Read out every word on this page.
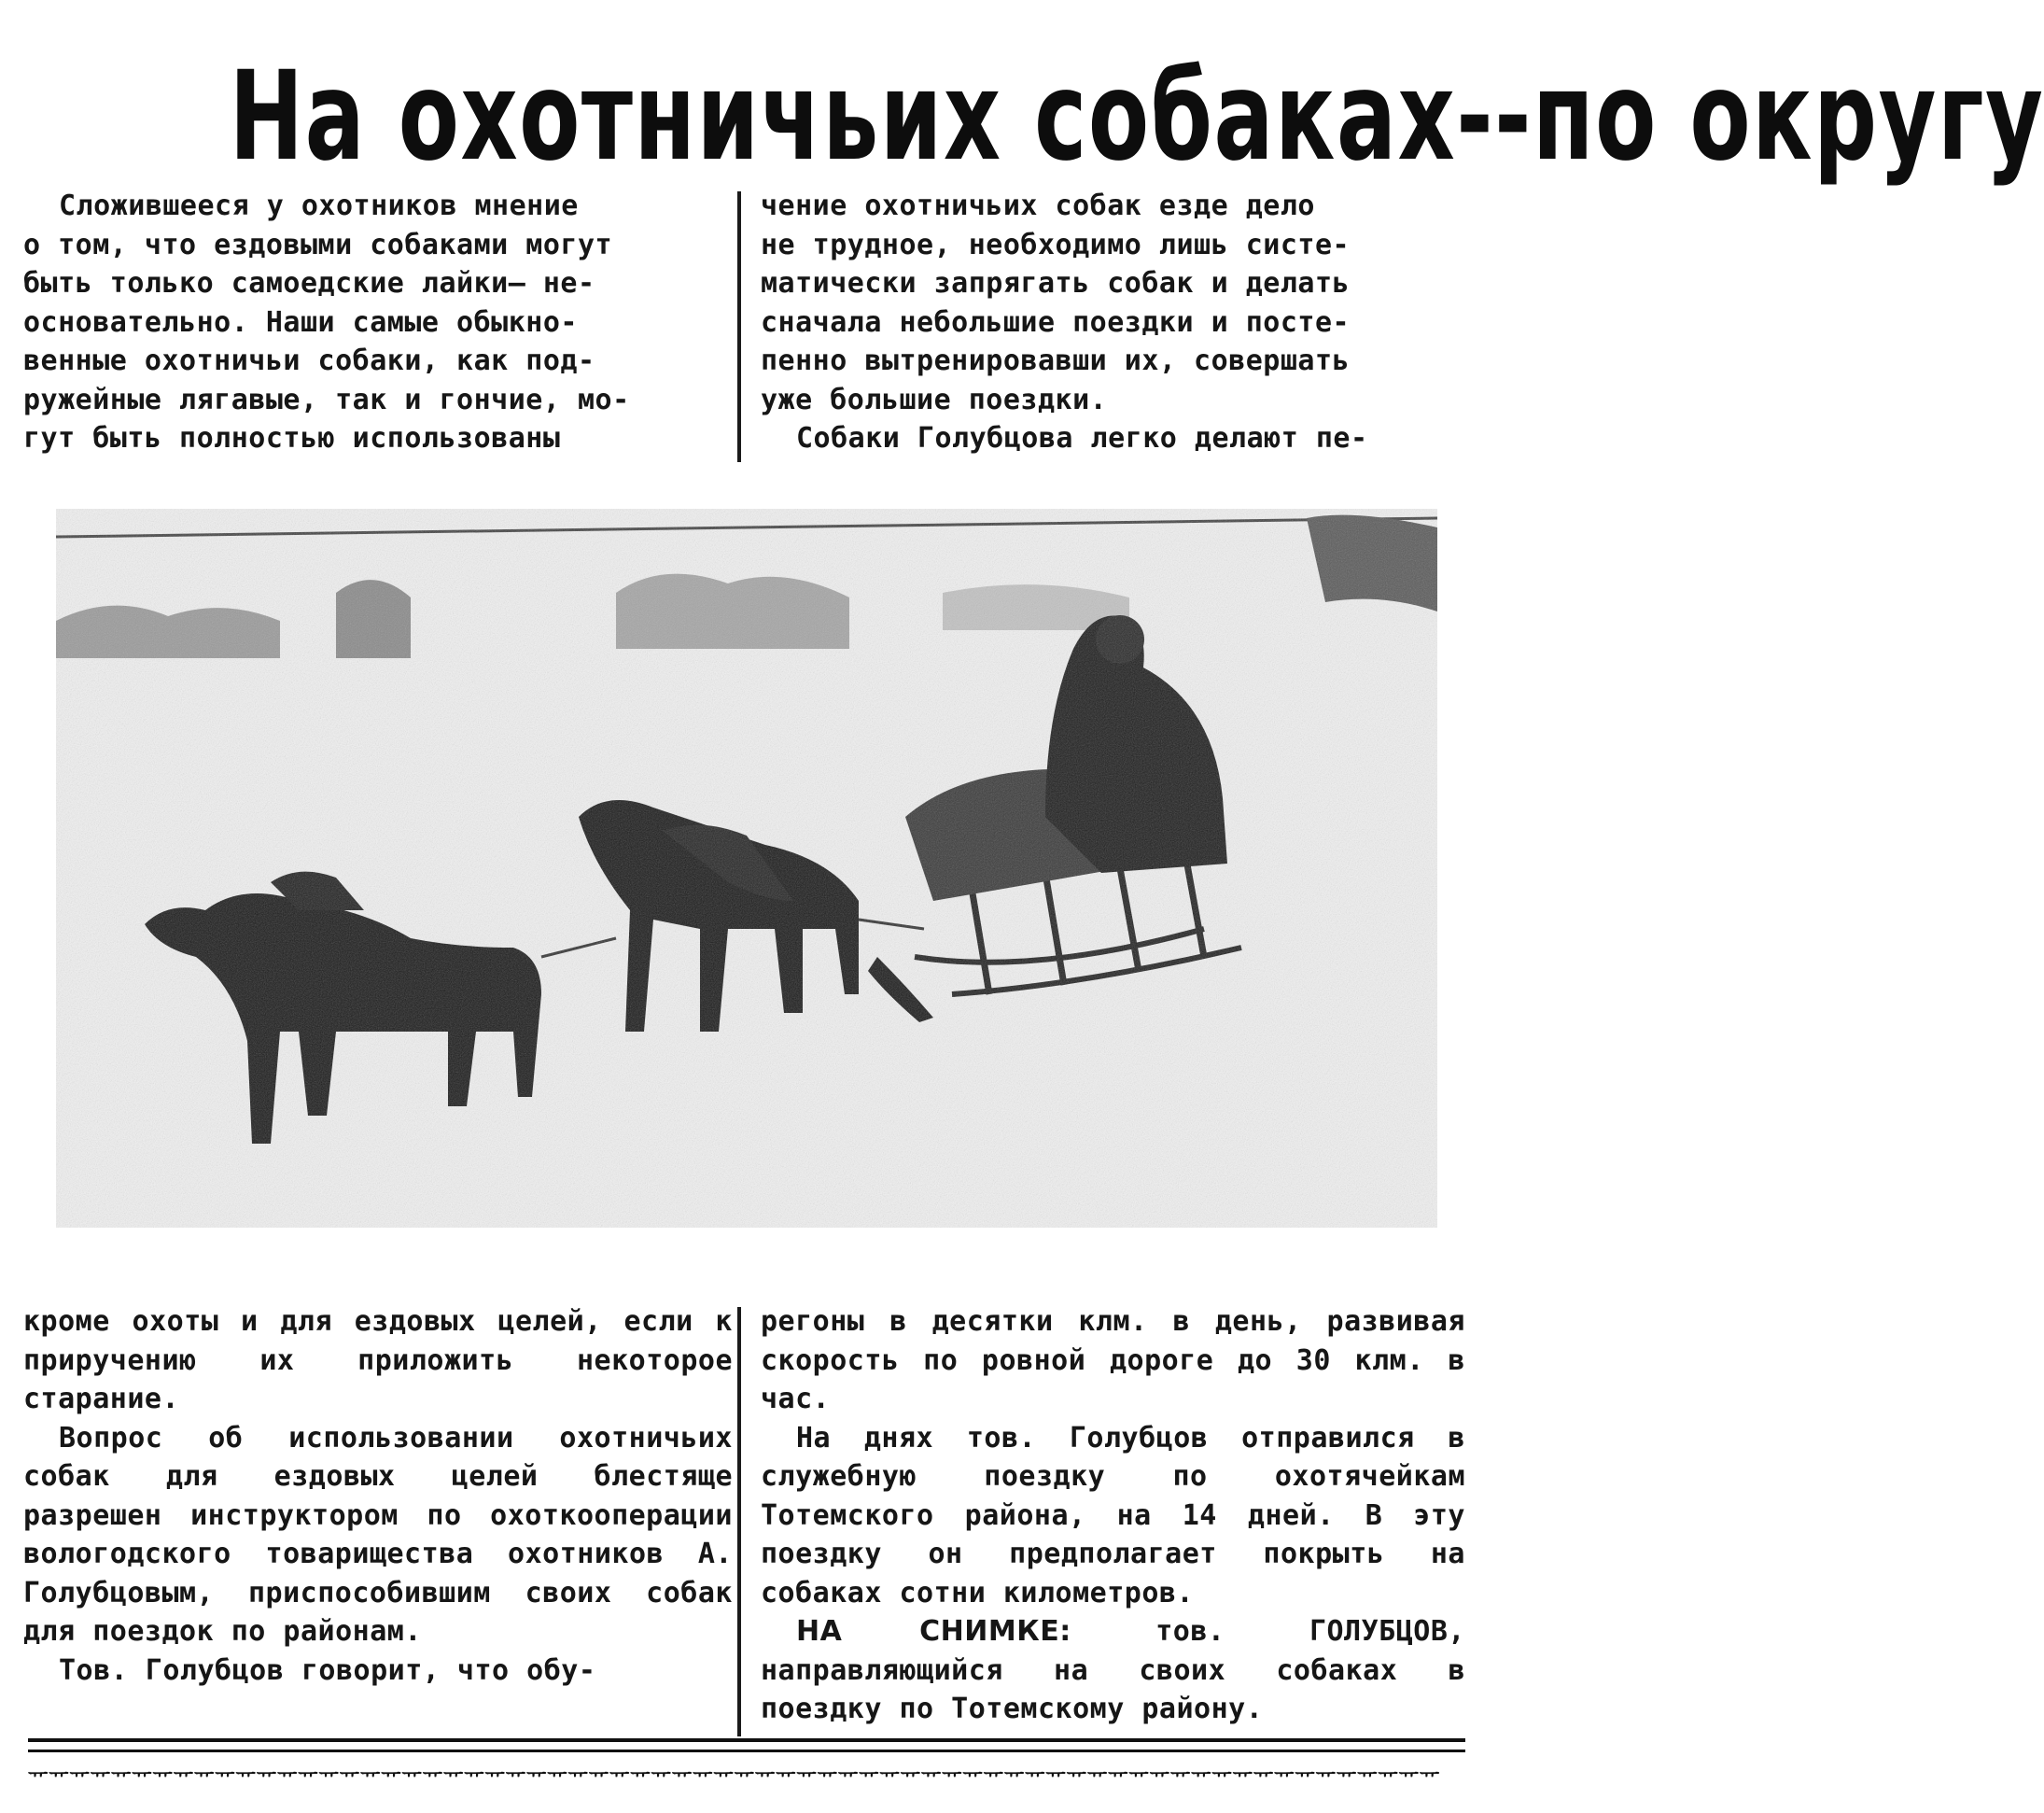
На охотничьих собаках--по округу

Сложившееся у охотников мнение

о том, что ездовыми собаками могут

быть только самоедские лайки— не-

основательно. Наши самые обыкно-

венные охотничьи собаки, как под-

ружейные лягавые, так и гончие, мо-

гут быть полностью использованы

чение охотничьих собак езде дело

не трудное, необходимо лишь систе-

матически запрягать собак и делать

сначала небольшие поездки и посте-

пенно вытренировавши их, совершать

уже большие поездки.

Собаки Голубцова легко делают пе-

кроме охоты и для ездовых целей, если к приручению их приложить некоторое старание.

Вопрос об использовании охотничьих собак для ездовых целей блестяще разрешен инструктором по охоткооперации вологодского товарищества охотников А. Голубцовым, приспособившим своих собак для поездок по районам.

Тов. Голубцов говорит, что обу-

регоны в десятки клм. в день, развивая скорость по ровной дороге до 30 клм. в час.

На днях тов. Голубцов отправился в служебную поездку по охотячейкам Тотемского района, на 14 дней. В эту поездку он предполагает покрыть на собаках сотни километров.

НА СНИМКЕ:	тов. ГОЛУБЦОВ, направляющийся на своих собаках в поездку по Тотемскому району.

ᅲᅲᅲᅲᅲᅲᅲᅲᅲᅲᅲᅲᅲᅲᅲᅲᅲᅲᅲᅲᅲᅲᅲᅲᅲᅲᅲᅲᅲᅲᅲᅲᅲᅲᅲᅲᅲᅲᅲᅲᅲᅲᅲᅲᅲᅲᅲᅲᅲᅲᅲᅲᅲᅲᅲᅲᅲᅲᅲᅲᅲᅲᅲᅲᅲᅲᅲᅲ
